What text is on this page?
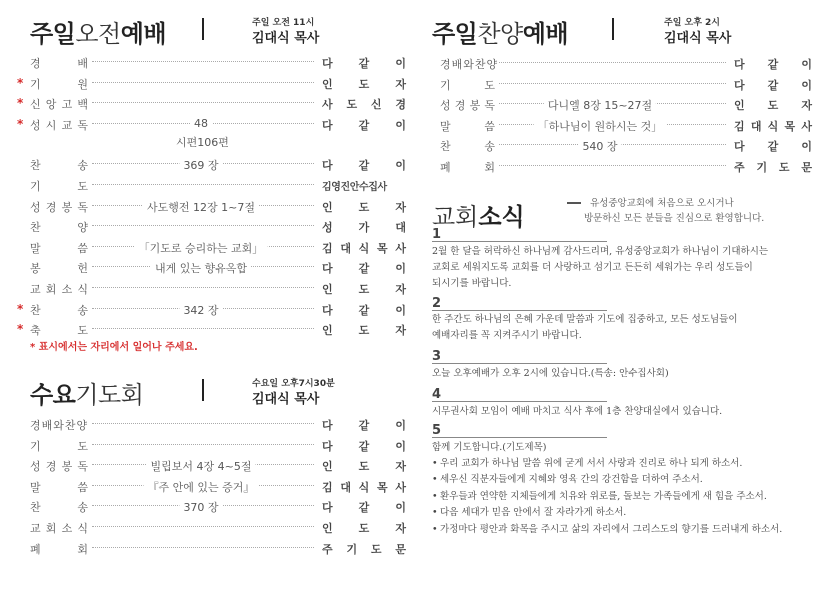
주일오전예배	주일 오전 11시
김대식 목사
경	배	다 같 이
* 기	원	인 도 자
* 신 앙 고 백	사 도 신 경
* 성 시 교 독	48	다 같 이
찬	송	369 장	다 같 이
기	도	김영진안수집사
성 경 봉 독	사도행전 12장 1~7절	인 도 자
찬	양	성 가 대
말	씀	「기도로 승리하는 교회」	김 대 식 목 사
봉	헌	내게 있는 향유옥합	다 같 이
교 회 소 식	인 도 자
* 찬	송	342 장	다 같 이
* 축	도	인 도 자
시편106편
* 표시에서는 자리에서 일어나 주세요.
수요기도회	수요일 오후7시30분
김대식 목사
경배와찬양	다 같 이
기	도	다 같 이
성 경 봉 독	빌립보서 4장 4~5절	인 도 자
말	씀	『주 안에 있는 증거』	김 대 식 목 사
찬	송	370 장	다 같 이
교 회 소 식	인 도 자
폐	회	주 기 도 문
주일찬양예배	주일 오후 2시
김대식 목사
경배와찬양	다 같 이
기	도	다 같 이
성 경 봉 독	다니엘 8장 15~27절	인 도 자
말	씀	「하나님이 원하시는 것」	김 대 식 목 사
찬	송	540 장	다 같 이
폐	회	주 기 도 문
교회소식	유성중앙교회에 처음으로 오시거나
방문하신 모든 분들을 진심으로 환영합니다.
1
2월 한 달을 허락하신 하나님께 감사드리며, 유성중앙교회가 하나님이 기대하시는
교회로 세워지도록 교회를 더 사랑하고 섬기고 든든히 세워가는 우리 성도들이
되시기를 바랍니다.
2
한 주간도 하나님의 은혜 가운데 말씀과 기도에 집중하고, 모든 성도님들이
예배자리를 꼭 지켜주시기 바랍니다.
3
오늘 오후예배가 오후 2시에 있습니다.(특송: 안수집사회)
4
시무권사회 모임이 예배 마치고 식사 후에 1층 찬양대실에서 있습니다.
5
함께 기도합니다.(기도제목)
• 우리 교회가 하나님 말씀 위에 굳게 서서 사랑과 진리로 하나 되게 하소서.
• 세우신 직분자들에게 지혜와 영육 간의 강건함을 더하여 주소서.
• 환우들과 연약한 지체들에게 치유와 위로를, 돌보는 가족들에게 새 힘을 주소서.
• 다음 세대가 믿음 안에서 잘 자라가게 하소서.
• 가정마다 평안과 화목을 주시고 삶의 자리에서 그리스도의 향기를 드러내게 하소서.
